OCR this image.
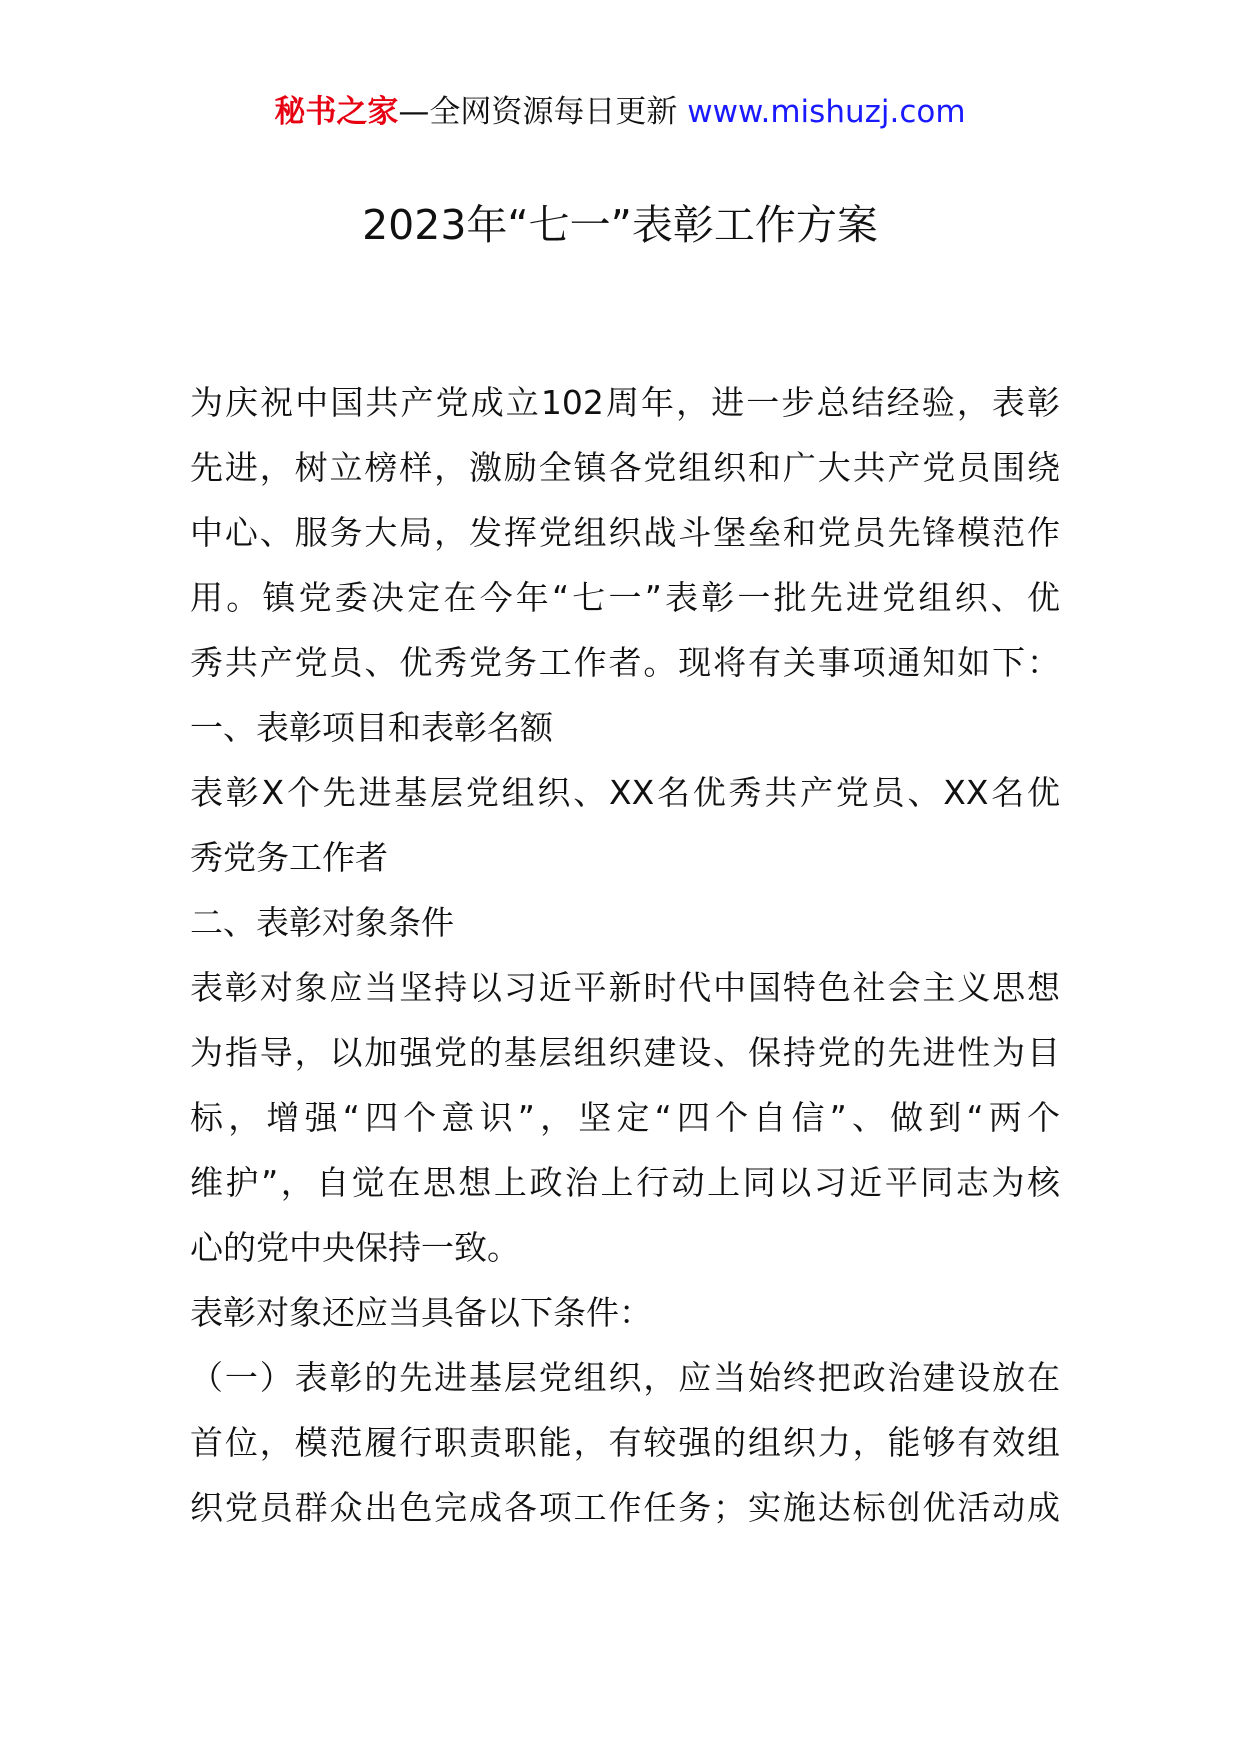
秘书之家—全网资源每日更新 www.mishuzj.com
2023年“七一”表彰工作方案
为庆祝中国共产党成立102周年，进一步总结经验，表彰
先进，树立榜样，激励全镇各党组织和广大共产党员围绕
中心、服务大局，发挥党组织战斗堡垒和党员先锋模范作
用。镇党委决定在今年“七一”表彰一批先进党组织、优
秀共产党员、优秀党务工作者。现将有关事项通知如下：
一、表彰项目和表彰名额
表彰X个先进基层党组织、XX名优秀共产党员、XX名优
秀党务工作者
二、表彰对象条件
表彰对象应当坚持以习近平新时代中国特色社会主义思想
为指导，以加强党的基层组织建设、保持党的先进性为目
标，增强“四个意识”，坚定“四个自信”、做到“两个
维护”，自觉在思想上政治上行动上同以习近平同志为核
心的党中央保持一致。
表彰对象还应当具备以下条件：
（一）表彰的先进基层党组织，应当始终把政治建设放在
首位，模范履行职责职能，有较强的组织力，能够有效组
织党员群众出色完成各项工作任务；实施达标创优活动成
